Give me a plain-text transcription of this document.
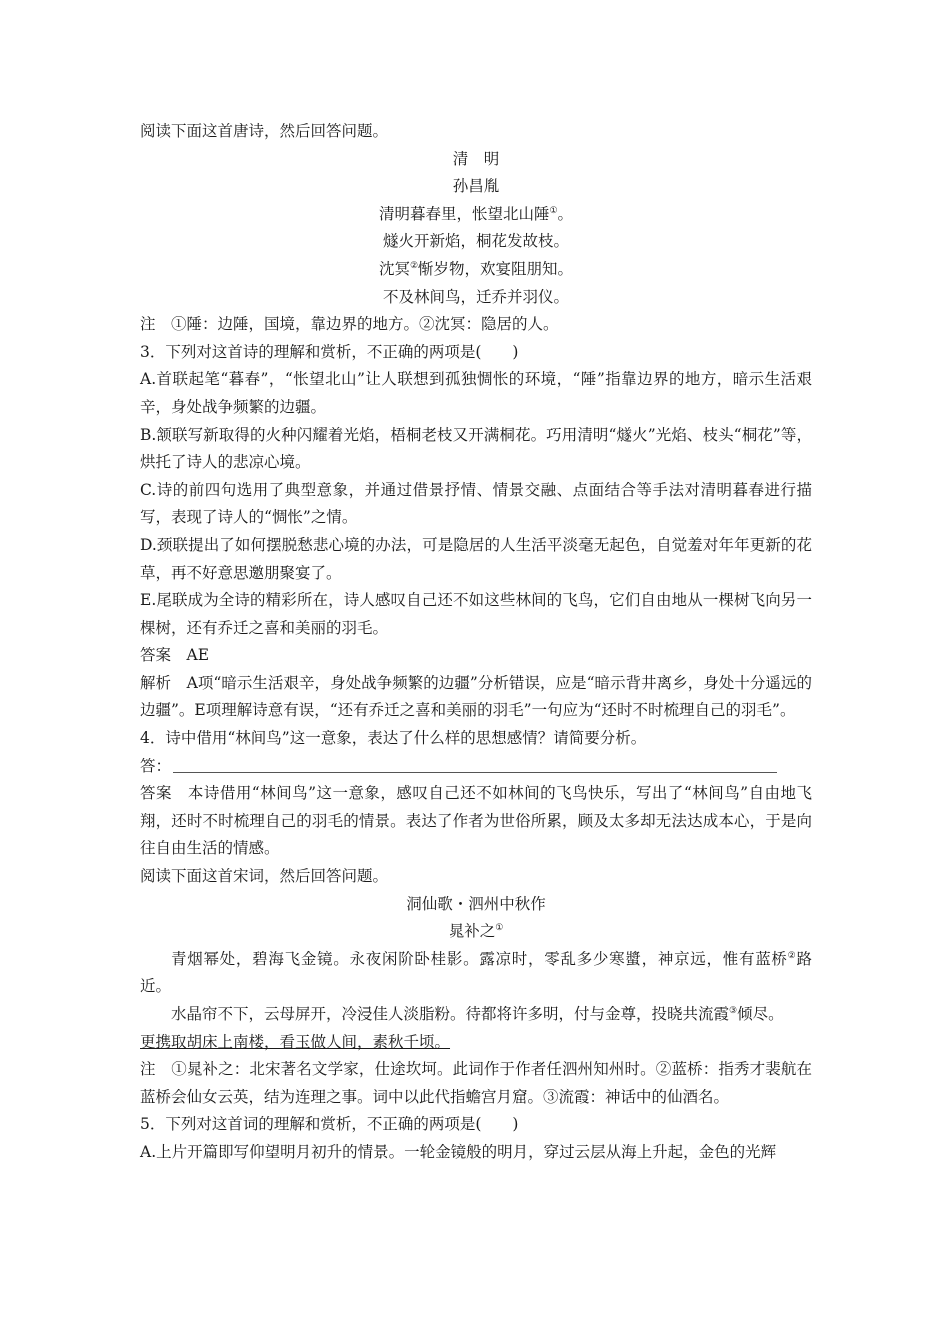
阅读下面这首唐诗，然后回答问题。
清　明
孙昌胤
清明暮春里，怅望北山陲①。
燧火开新焰，桐花发故枝。
沈冥②惭岁物，欢宴阻朋知。
不及林间鸟，迁乔并羽仪。
注　①陲：边陲，国境，靠边界的地方。②沈冥：隐居的人。
3．下列对这首诗的理解和赏析，不正确的两项是(　　)
A.首联起笔“暮春”，“怅望北山”让人联想到孤独惆怅的环境，“陲”指靠边界的地方，暗示生活艰辛，身处战争频繁的边疆。
B.颔联写新取得的火种闪耀着光焰，梧桐老枝又开满桐花。巧用清明“燧火”光焰、枝头“桐花”等，烘托了诗人的悲凉心境。
C.诗的前四句选用了典型意象，并通过借景抒情、情景交融、点面结合等手法对清明暮春进行描写，表现了诗人的“惆怅”之情。
D.颈联提出了如何摆脱愁悲心境的办法，可是隐居的人生活平淡毫无起色，自觉羞对年年更新的花草，再不好意思邀朋聚宴了。
E.尾联成为全诗的精彩所在，诗人感叹自己还不如这些林间的飞鸟，它们自由地从一棵树飞向另一棵树，还有乔迁之喜和美丽的羽毛。
答案　AE
解析　A项“暗示生活艰辛，身处战争频繁的边疆”分析错误，应是“暗示背井离乡，身处十分遥远的边疆”。E项理解诗意有误，“还有乔迁之喜和美丽的羽毛”一句应为“还时不时梳理自己的羽毛”。
4．诗中借用“林间鸟”这一意象，表达了什么样的思想感情？请简要分析。
答：
答案　本诗借用“林间鸟”这一意象，感叹自己还不如林间的飞鸟快乐，写出了“林间鸟”自由地飞翔，还时不时梳理自己的羽毛的情景。表达了作者为世俗所累，顾及太多却无法达成本心，于是向往自由生活的情感。
阅读下面这首宋词，然后回答问题。
洞仙歌・泗州中秋作
晁补之①
青烟幂处，碧海飞金镜。永夜闲阶卧桂影。露凉时，零乱多少寒螿，神京远，惟有蓝桥②路近。
水晶帘不下，云母屏开，冷浸佳人淡脂粉。待都将许多明，付与金尊，投晓共流霞③倾尽。
更携取胡床上南楼，看玉做人间，素秋千顷。
注　①晁补之：北宋著名文学家，仕途坎坷。此词作于作者任泗州知州时。②蓝桥：指秀才裴航在蓝桥会仙女云英，结为连理之事。词中以此代指蟾宫月窟。③流霞：神话中的仙酒名。
5．下列对这首词的理解和赏析，不正确的两项是(　　)
A.上片开篇即写仰望明月初升的情景。一轮金镜般的明月，穿过云层从海上升起，金色的光辉
